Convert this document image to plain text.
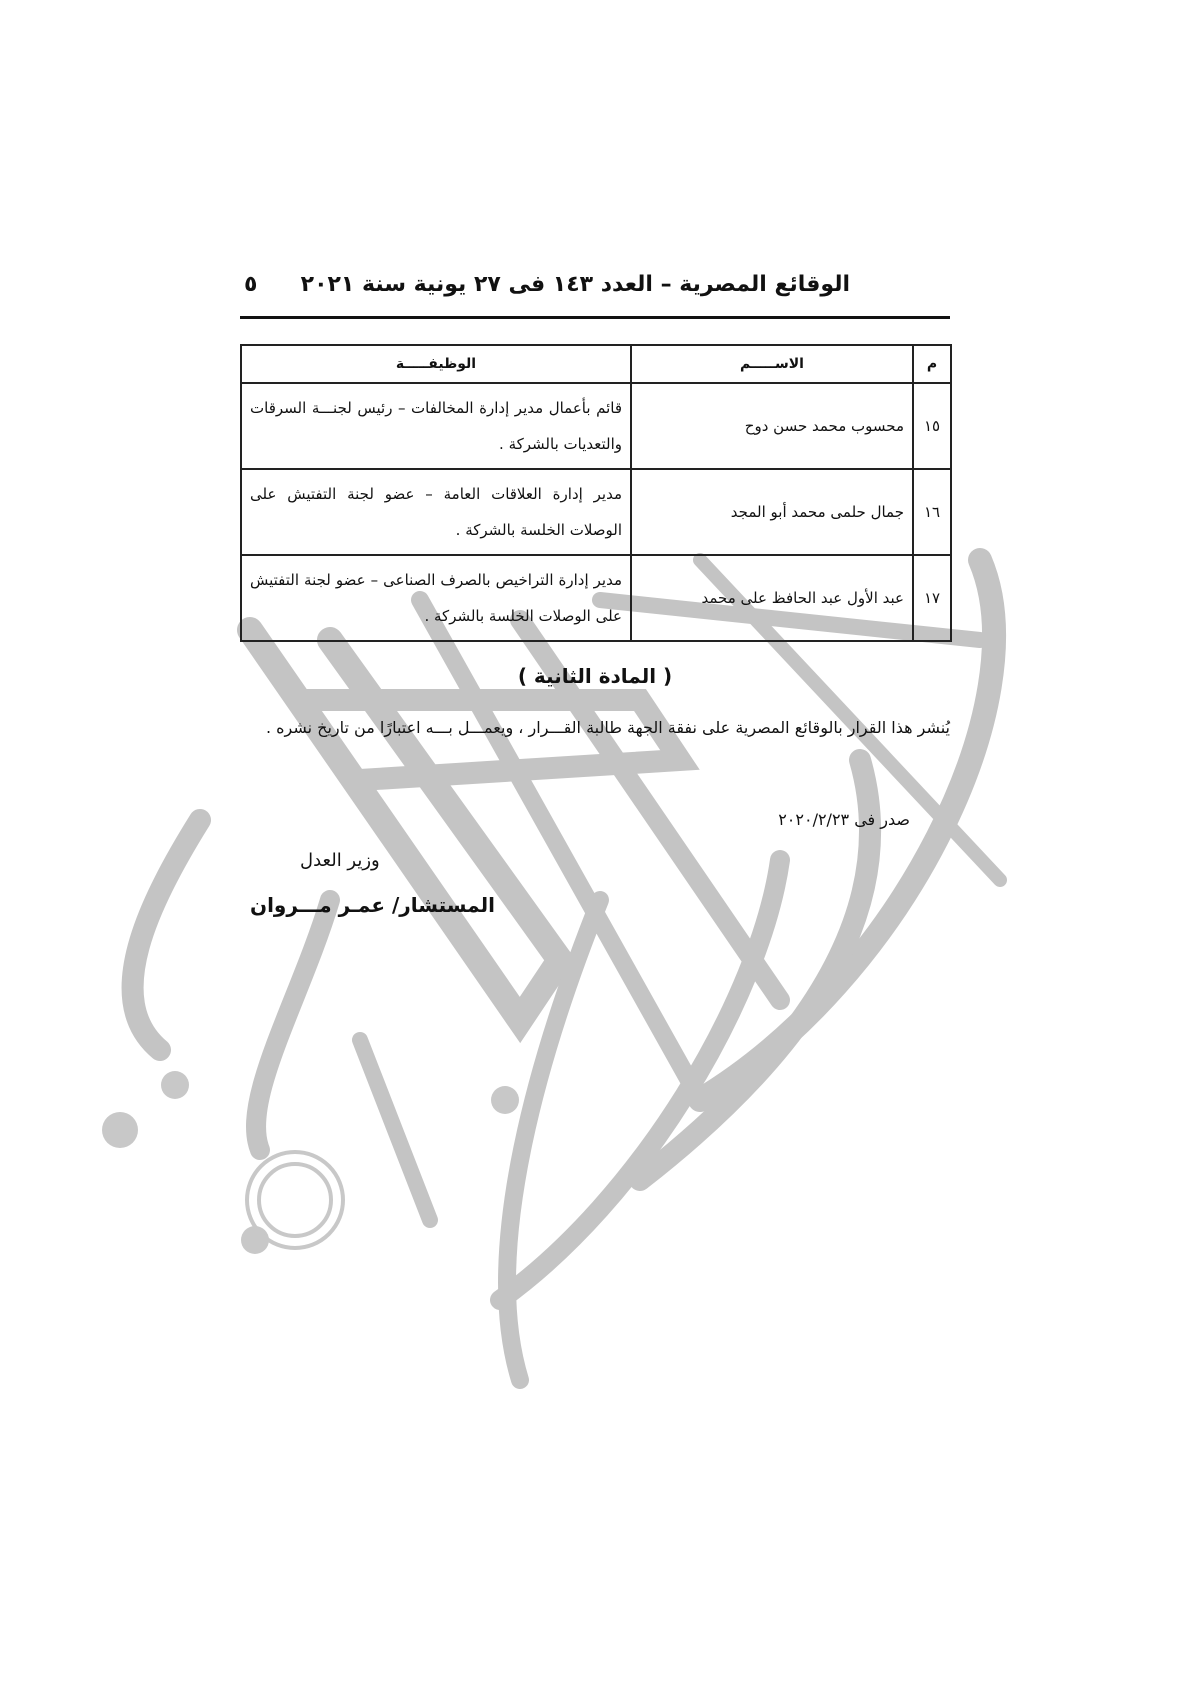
الوقائع المصرية – العدد ١٤٣ فى ٢٧ يونية سنة ٢٠٢١
٥
م	الاســـــم	الوظيفـــــة
١٥	محسوب محمد حسن دوح	قائم بأعمال مدير إدارة المخالفات – رئيس لجنـــة السرقات والتعديات بالشركة .
١٦	جمال حلمى محمد أبو المجد	مدير إدارة العلاقات العامة – عضو لجنة التفتيش على الوصلات الخلسة بالشركة .
١٧	عبد الأول عبد الحافظ على محمد	مدير إدارة التراخيص بالصرف الصناعى – عضو لجنة التفتيش على الوصلات الخلسة بالشركة .
( المادة الثانية )
يُنشر هذا القرار بالوقائع المصرية على نفقة الجهة طالبة القـــرار ، ويعمـــل بـــه اعتبارًا من تاريخ نشره .
صدر فى ٢٠٢٠/٢/٢٣
وزير العدل
المستشار/ عمـر مـــروان
